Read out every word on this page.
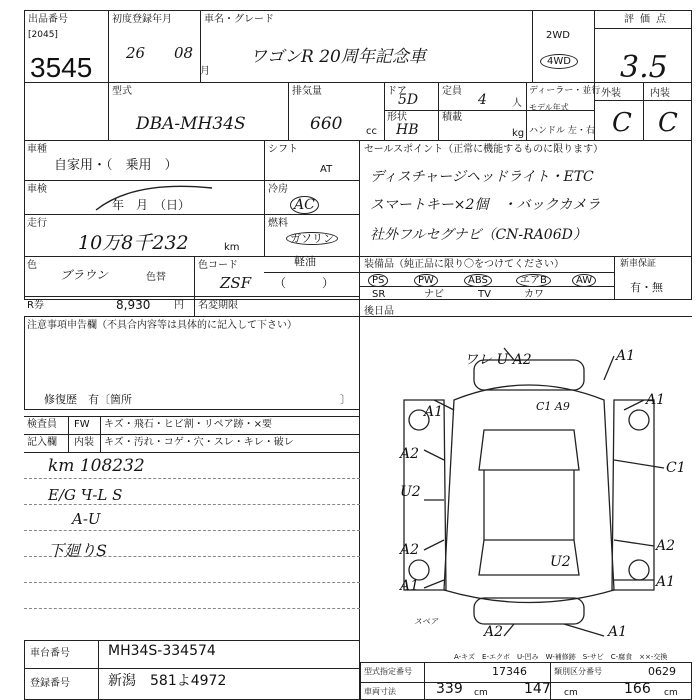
出品番号
[2045]
3545
初度登録年月
26 08
月
車名・グレード
ワゴンR 20周年記念車
2WD
4WD
評価点
3.5
外装	内装
C C
型式
DBA-MH34S
排気量
660 cc
ドア
5D
形状
HB
定員
4	人
積載
kg
ディーラー・並行
モデル年式
ハンドル 左・右
車種
自家用・（　乗用　）
シフト
AT
車検
年　月　（日）
冷房
AC
走行
10万8千232	km
燃料
ガソリン
軽油
色
ブラウン	色替
色コード
ZSF （　　　）
R券	8,930 円 名変期限
セールスポイント（正常に機能するものに限ります）
ディスチャージヘッドライト・ETC
スマートキー×2個　・バックカメラ
社外フルセグナビ（CN-RA06D）
装備品（純正品に限り〇をつけてください）
PS	PW	ABS	エアB	AW
SR	ナビ	TV	カワ
新車保証
有・無
注意事項申告欄（不具合内容等は具体的に記入して下さい）
後日品
修復歴　有〔箇所	〕
検査員
記入欄
FW キズ・飛石・ヒビ割・リペア跡・×要
内装 キズ・汚れ・コゲ・穴・スレ・キレ・破レ
km 108232
E/G Ч-L S
A-U
下廻りS
ワレ U A2	A1
C1 A9
A1
A1
A2
C1
U2
A2	A2
U2
A1	A1
A2	A1
スペア
車台番号	MH34S-334574
登録番号	新潟　581よ4972
A-キズ　E-エクボ　U-凹み　W-補修跡　S-サビ　C-腐食　××-交換
型式指定番号	17346	類別区分番号	0629
車両寸法	339 cm	147 cm	166 cm
